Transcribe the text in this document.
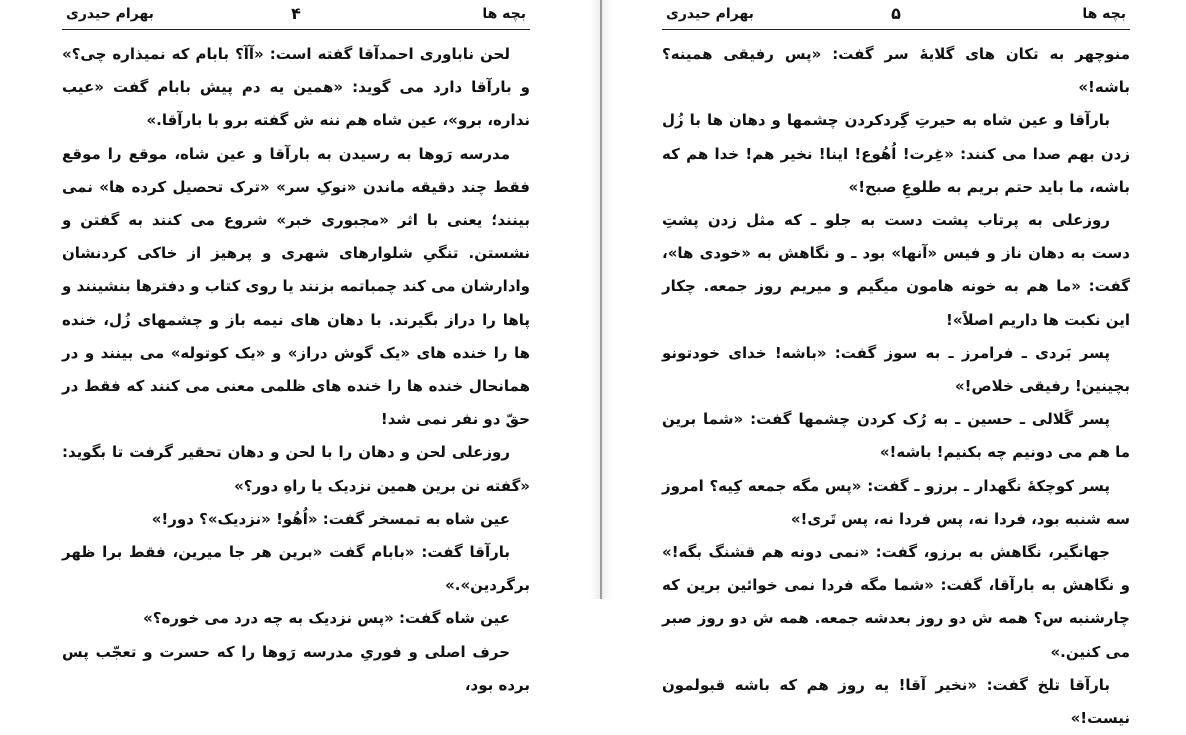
بچه ها
۴
بهرام حیدری

لحن ناباوری احمدآقا گفته است: «آآ؟ بابام که نمیذاره چی؟» و بارآقا دارد می گوید: «همین یه دم پیش بابام گفت «عیب نداره، برو»، عین شاه هم ننه ش گفته برو با بارآقا.»

مدرسه رَوها به رسیدن به بارآقا و عین شاه، موقع را موقع فقط چند دقیقه ماندن «نوکِ سر» «ترک تحصیل کرده ها» نمی بینند؛ یعنی با اثر «مجبوری خبر» شروع می کنند به گفتن و نشستن. تنگیِ شلوارهای شهری و پرهیز از خاکی کردنشان وادارشان می کند چمباتمه بزنند یا روی کتاب و دفترها بنشینند و پاها را دراز بگیرند. با دهان های نیمه باز و چشمهای زُل، خنده ها را خنده های «یک گوش دراز» و «یک کوتوله» می بینند و در همانحال خنده ها را خنده های ظلمی معنی می کنند که فقط در حقّ دو نفر نمی شد!

روزعلی لحن و دهان را با لحن و دهان تحقیر گرفت تا بگوید: «گفته نن برین همین نزدیک یا راهِ دور؟»

عین شاه به تمسخر گفت: «اُهُو! «نزدیک»؟ دور!»

بارآقا گفت: «بابام گفت «برین هر جا میرین، فقط برا ظهر برگردین».»

عین شاه گفت: «پس نزدیک به چه درد می خوره؟»

حرف اصلی و فوریِ مدرسه رَوها را که حسرت و تعجّب پس برده بود،

بچه ها
۵
بهرام حیدری

منوچهر به تکان های گلایهٔ سر گفت: «پس رفیقی همینه؟ باشه!»

بارآقا و عین شاه به حیرتِ گِردکردن چشمها و دهان ها با زُل زدن بهم صدا می کنند: «غِرت! اُهُوع! اینا! نخیر هم! خدا هم که باشه، ما باید حتم بریم به طلوعِ صبح!»

روزعلی به پرتاب پشت دست به جلو ـ که مثل زدن پشتِ دست به دهان ناز و فیس «آنها» بود ـ و نگاهش به «خودی ها»، گفت: «ما هم به خونه هامون میگیم و میریم روز جمعه. چکار این نکبت ها داریم اصلاً»!

پسر بَردی ـ فرامرز ـ به سوز گفت: «باشه! خدای خودتونو بچینین! رفیقی خلاص!»

پسر گَلالی ـ حسین ـ به رُک کردن چشمها گفت: «شما برین ما هم می دونیم چه بکنیم! باشه!»

پسر کوچکهٔ نگهدار ـ برزو ـ گفت: «پس مگه جمعه کِیه؟ امروز سه شنبه بود، فردا نه، پس فردا نه، پس تَری!»

جهانگیر، نگاهش به برزو، گفت: «نمی دونه هم قشنگ بگه!» و نگاهش به بارآقا، گفت: «شما مگه فردا نمی خوائین برین که چارشنبه س؟ همه ش دو روز بعدشه جمعه. همه ش دو روز صبر می کنین.»

بارآقا تلخ گفت: «نخیر آقا! یه روز هم که باشه قبولمون نیست!»
